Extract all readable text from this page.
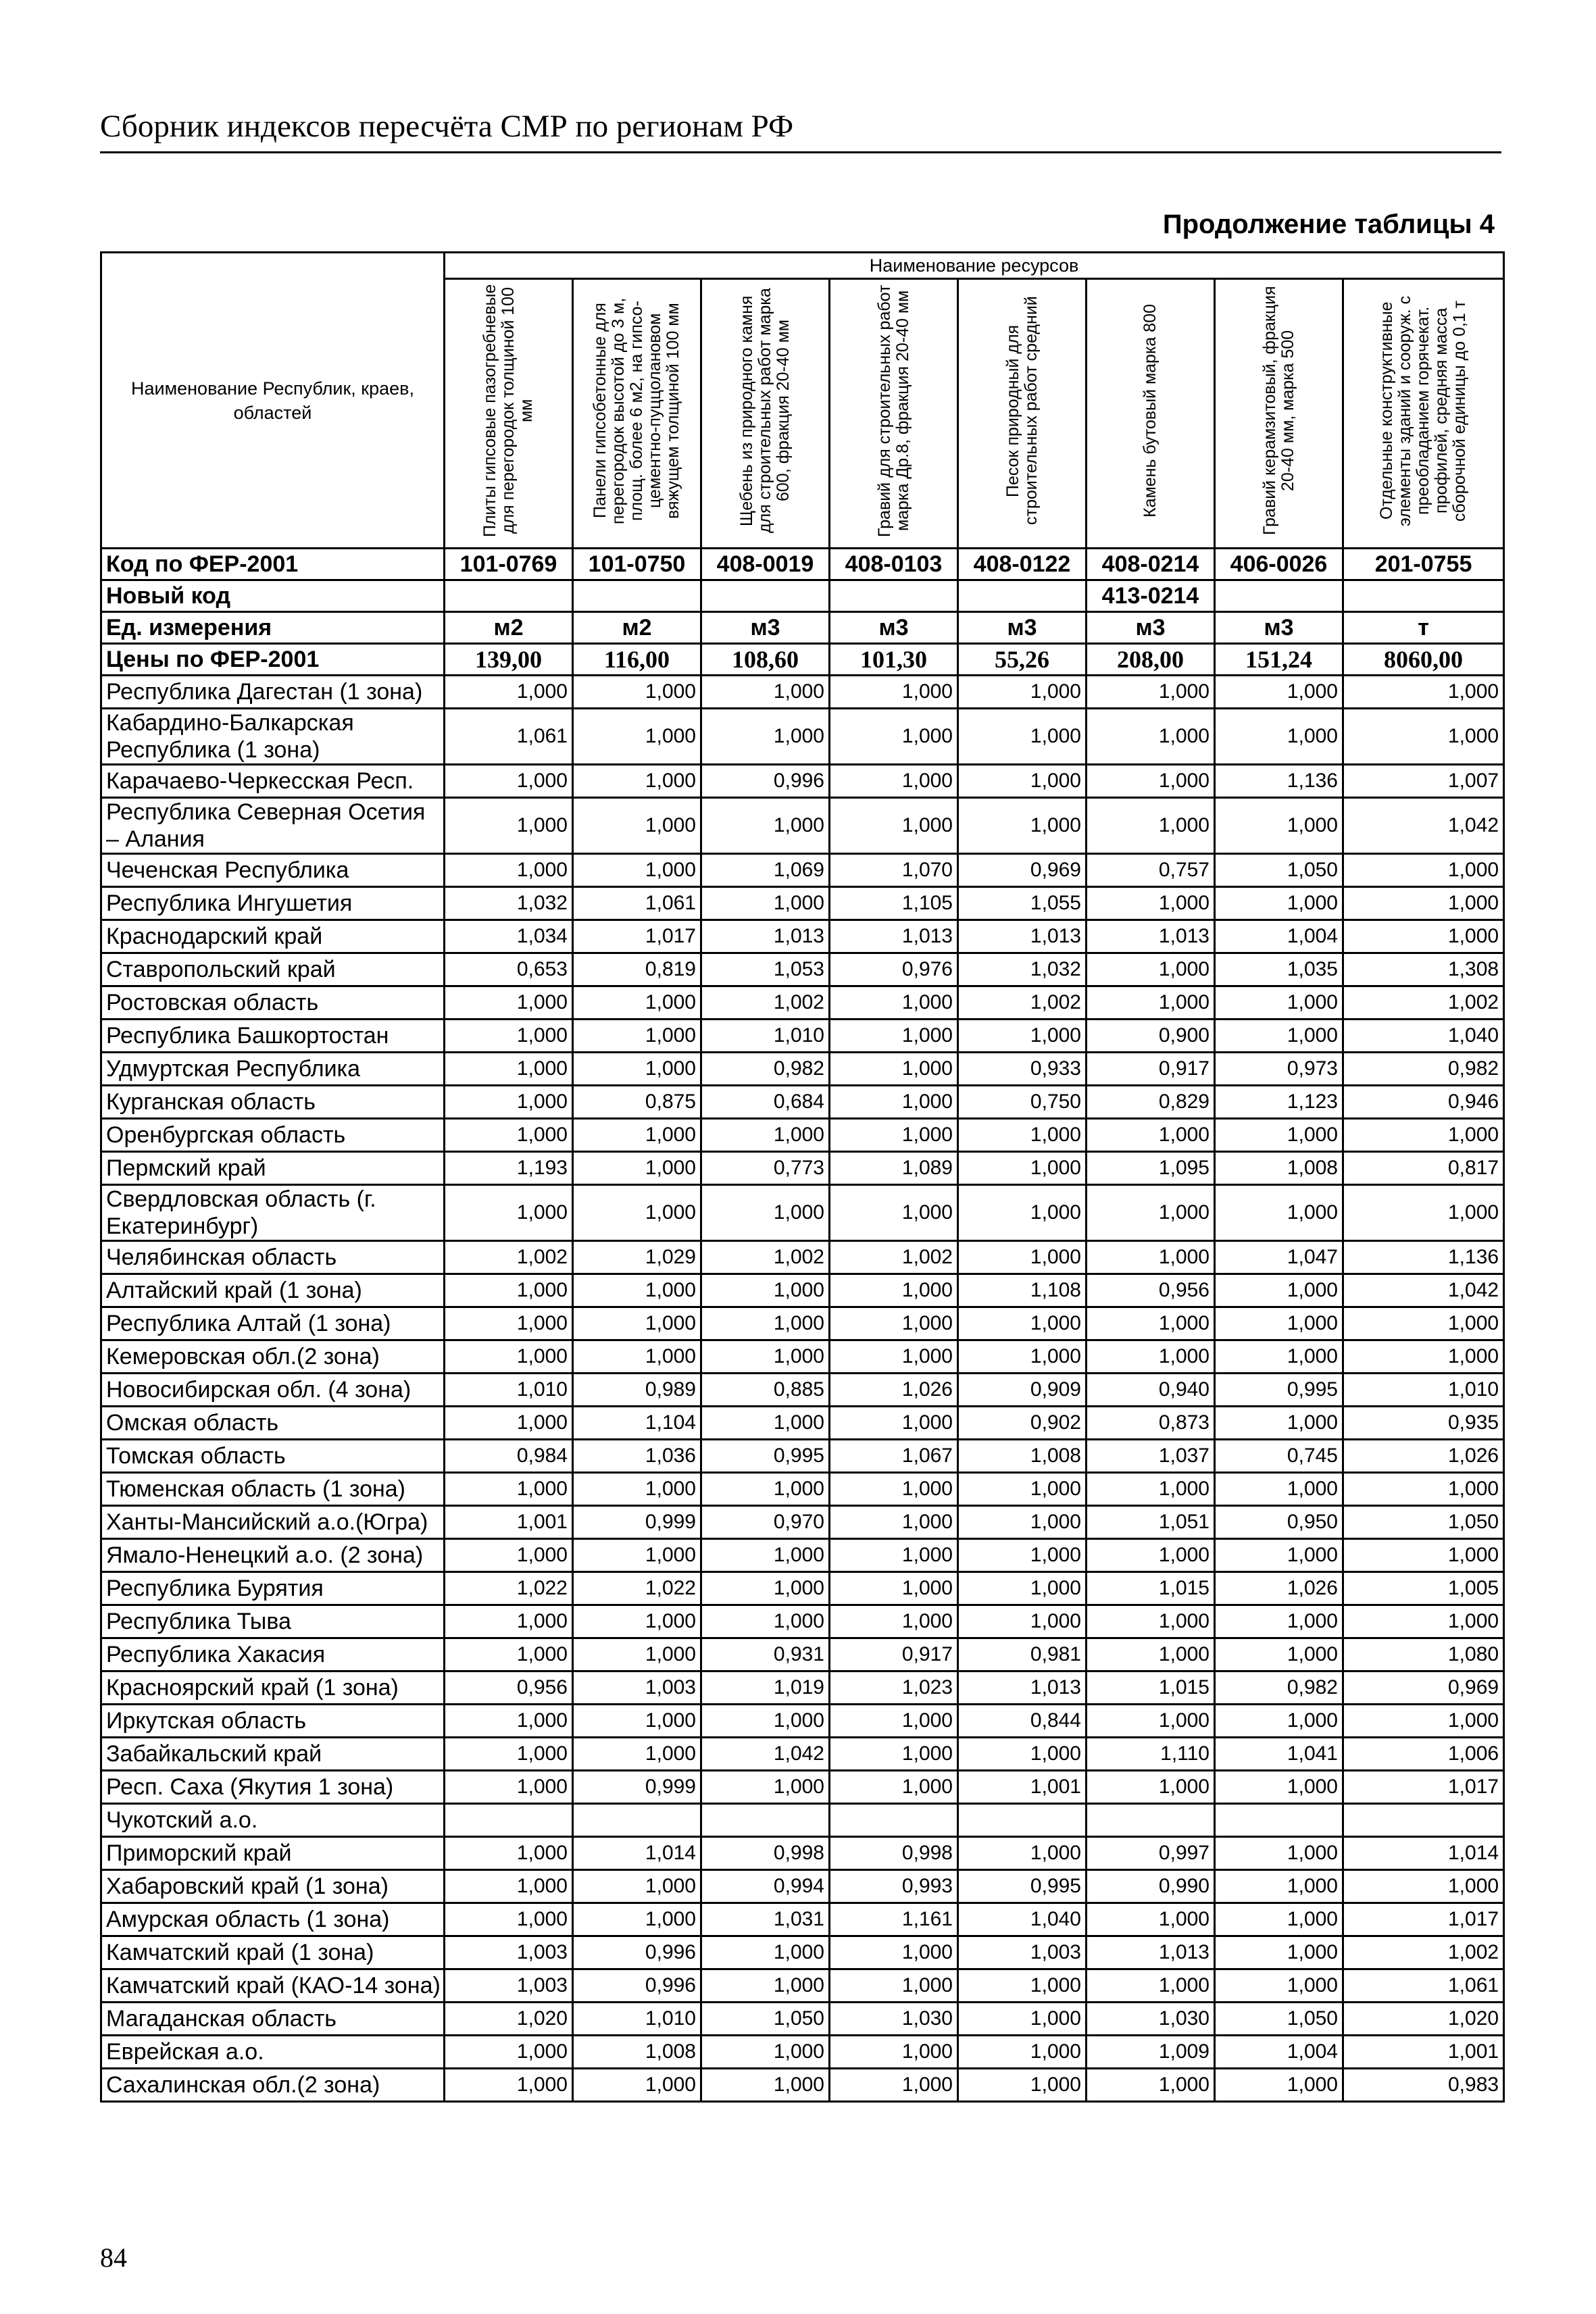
Сборник индексов пересчёта СМР по регионам РФ
Продолжение таблицы 4
Наименование Республик, краев, областей	Наименование ресурсов							
	Плиты гипсовые пазогребневые для перегородок толщиной 100 мм	Панели гипсобетонные для перегородок высотой до 3 м, площ. более 6 м2, на гипсо-цементно-пуццолановом вяжущем толщиной 100 мм	Щебень из природного камня для строительных работ марка 600, фракция 20-40 мм	Гравий для строительных работ марка Др.8, фракция 20-40 мм	Песок природный для строительных работ средний	Камень бутовый марка 800	Гравий керамзитовый, фракция 20-40 мм, марка 500	Отдельные конструктивные элементы зданий и сооруж. с преобладанием горячекат. профилей, средняя масса сборочной единицы до 0,1 т
Код по ФЕР-2001	101-0769	101-0750	408-0019	408-0103	408-0122	408-0214	406-0026	201-0755
Новый код						413-0214		
Ед. измерения	м2	м2	м3	м3	м3	м3	м3	т
Цены по ФЕР-2001	139,00	116,00	108,60	101,30	55,26	208,00	151,24	8060,00
Республика Дагестан (1 зона)	1,000	1,000	1,000	1,000	1,000	1,000	1,000	1,000
Кабардино-Балкарская Республика (1 зона)	1,061	1,000	1,000	1,000	1,000	1,000	1,000	1,000
Карачаево-Черкесская Респ.	1,000	1,000	0,996	1,000	1,000	1,000	1,136	1,007
Республика Северная Осетия – Алания	1,000	1,000	1,000	1,000	1,000	1,000	1,000	1,042
Чеченская Республика	1,000	1,000	1,069	1,070	0,969	0,757	1,050	1,000
Республика Ингушетия	1,032	1,061	1,000	1,105	1,055	1,000	1,000	1,000
Краснодарский край	1,034	1,017	1,013	1,013	1,013	1,013	1,004	1,000
Ставропольский край	0,653	0,819	1,053	0,976	1,032	1,000	1,035	1,308
Ростовская область	1,000	1,000	1,002	1,000	1,002	1,000	1,000	1,002
Республика Башкортостан	1,000	1,000	1,010	1,000	1,000	0,900	1,000	1,040
Удмуртская Республика	1,000	1,000	0,982	1,000	0,933	0,917	0,973	0,982
Курганская область	1,000	0,875	0,684	1,000	0,750	0,829	1,123	0,946
Оренбургская область	1,000	1,000	1,000	1,000	1,000	1,000	1,000	1,000
Пермский край	1,193	1,000	0,773	1,089	1,000	1,095	1,008	0,817
Свердловская область (г. Екатеринбург)	1,000	1,000	1,000	1,000	1,000	1,000	1,000	1,000
Челябинская область	1,002	1,029	1,002	1,002	1,000	1,000	1,047	1,136
Алтайский край (1 зона)	1,000	1,000	1,000	1,000	1,108	0,956	1,000	1,042
Республика Алтай (1 зона)	1,000	1,000	1,000	1,000	1,000	1,000	1,000	1,000
Кемеровская обл.(2 зона)	1,000	1,000	1,000	1,000	1,000	1,000	1,000	1,000
Новосибирская обл. (4 зона)	1,010	0,989	0,885	1,026	0,909	0,940	0,995	1,010
Омская область	1,000	1,104	1,000	1,000	0,902	0,873	1,000	0,935
Томская область	0,984	1,036	0,995	1,067	1,008	1,037	0,745	1,026
Тюменская область (1 зона)	1,000	1,000	1,000	1,000	1,000	1,000	1,000	1,000
Ханты-Мансийский а.о.(Югра)	1,001	0,999	0,970	1,000	1,000	1,051	0,950	1,050
Ямало-Ненецкий а.о. (2 зона)	1,000	1,000	1,000	1,000	1,000	1,000	1,000	1,000
Республика Бурятия	1,022	1,022	1,000	1,000	1,000	1,015	1,026	1,005
Республика Тыва	1,000	1,000	1,000	1,000	1,000	1,000	1,000	1,000
Республика Хакасия	1,000	1,000	0,931	0,917	0,981	1,000	1,000	1,080
Красноярский край (1 зона)	0,956	1,003	1,019	1,023	1,013	1,015	0,982	0,969
Иркутская область	1,000	1,000	1,000	1,000	0,844	1,000	1,000	1,000
Забайкальский край	1,000	1,000	1,042	1,000	1,000	1,110	1,041	1,006
Респ. Саха (Якутия 1 зона)	1,000	0,999	1,000	1,000	1,001	1,000	1,000	1,017
Чукотский а.о.								
Приморский край	1,000	1,014	0,998	0,998	1,000	0,997	1,000	1,014
Хабаровский край (1 зона)	1,000	1,000	0,994	0,993	0,995	0,990	1,000	1,000
Амурская область (1 зона)	1,000	1,000	1,031	1,161	1,040	1,000	1,000	1,017
Камчатский край (1 зона)	1,003	0,996	1,000	1,000	1,003	1,013	1,000	1,002
Камчатский край (КАО-14 зона)	1,003	0,996	1,000	1,000	1,000	1,000	1,000	1,061
Магаданская область	1,020	1,010	1,050	1,030	1,000	1,030	1,050	1,020
Еврейская а.о.	1,000	1,008	1,000	1,000	1,000	1,009	1,004	1,001
Сахалинская обл.(2 зона)	1,000	1,000	1,000	1,000	1,000	1,000	1,000	0,983
84
